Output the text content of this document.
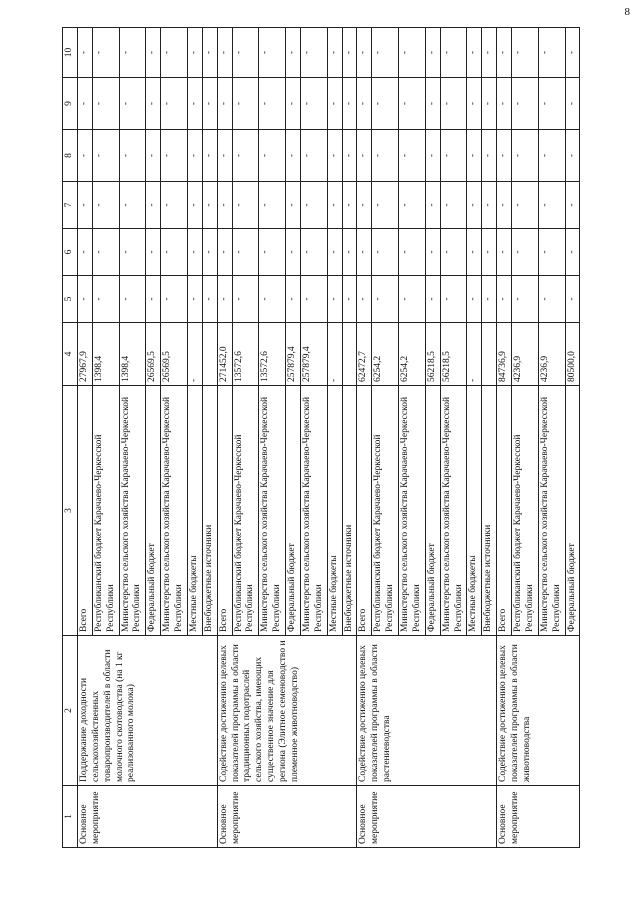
8
1	2	3	4	5	6	7	8	9	10
Основное мероприятие	Поддержание доходности сельскохозяйственных товаропроизводителей в области молочного скотоводства (на 1 кг реализованного молока)	Всего	27967,9	-	-	-	-	-	-
		Республиканский бюджет Карачаево-Черкесской Республики	1398,4	-	-	-	-	-	-
		Министерство сельского хозяйства Карачаево-Черкесской Республики	1398,4	-	-	-	-	-	-
		Федеральный бюджет	26569,5	-	-	-	-	-	-
		Министерство сельского хозяйства Карачаево-Черкесской Республики	26569,5	-	-	-	-	-	-
		Местные бюджеты	-	-	-	-	-	-	-
		Внебюджетные источники		-	-	-	-	-	-
Основное мероприятие	Содействие достижению целевых показателей программы в области традиционных подотраслей сельского хозяйства, имеющих существенное значение для региона (Элитное семеноводство и племенное животноводство)	Всего	271452,0	-	-	-	-	-	-
		Республиканский бюджет Карачаево-Черкесской Республики	13572,6	-	-	-	-	-	-
		Министерство сельского хозяйства Карачаево-Черкесской Республики	13572,6	-	-	-	-	-	-
		Федеральный бюджет	257879,4	-	-	-	-	-	-
		Министерство сельского хозяйства Карачаево-Черкесской Республики	257879,4	-	-	-	-	-	-
		Местные бюджеты	-	-	-	-	-	-	-
		Внебюджетные источники		-	-	-	-	-	-
Основное мероприятие	Содействие достижению целевых показателей программы в области растениеводства	Всего	62472,7	-	-	-	-	-	-
		Республиканский бюджет Карачаево-Черкесской Республики	6254,2	-	-	-	-	-	-
		Министерство сельского хозяйства Карачаево-Черкесской Республики	6254,2	-	-	-	-	-	-
		Федеральный бюджет	56218,5	-	-	-	-	-	-
		Министерство сельского хозяйства Карачаево-Черкесской Республики	56218,5	-	-	-	-	-	-
		Местные бюджеты	-	-	-	-	-	-	-
		Внебюджетные источники		-	-	-	-	-	-
Основное мероприятие	Содействие достижению целевых показателей программы в области животноводства	Всего	84736,9	-	-	-	-	-	-
		Республиканский бюджет Карачаево-Черкесской Республики	4236,9	-	-	-	-	-	-
		Министерство сельского хозяйства Карачаево-Черкесской Республики	4236,9	-	-	-	-	-	-
		Федеральный бюджет	80500,0	-	-	-	-	-	-
